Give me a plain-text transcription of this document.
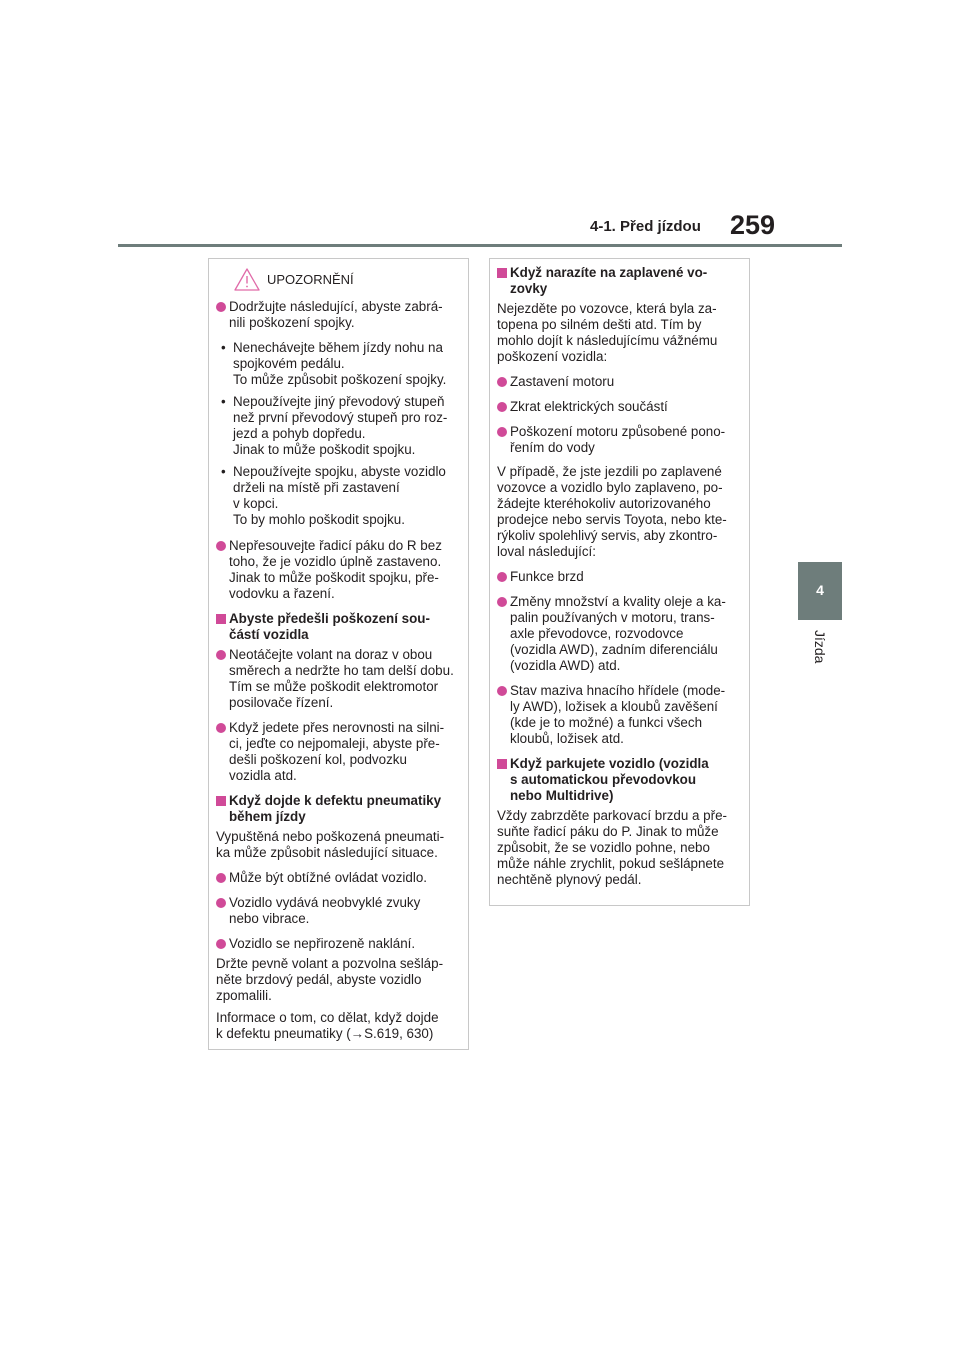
4-1. Před jízdou 259
4
Jízda
UPOZORNĚNÍ
Dodržujte následující, abyste zabrá-
nili poškození spojky.
• Nenechávejte během jízdy nohu na
spojkovém pedálu.
To může způsobit poškození spojky.
• Nepoužívejte jiný převodový stupeň
než první převodový stupeň pro roz-
jezd a pohyb dopředu.
Jinak to může poškodit spojku.
• Nepoužívejte spojku, abyste vozidlo
drželi na místě při zastavení
v kopci.
To by mohlo poškodit spojku.
Nepřesouvejte řadicí páku do R bez
toho, že je vozidlo úplně zastaveno.
Jinak to může poškodit spojku, pře-
vodovku a řazení.
Abyste předešli poškození sou-
částí vozidla
Neotáčejte volant na doraz v obou
směrech a nedržte ho tam delší dobu.
Tím se může poškodit elektromotor
posilovače řízení.
Když jedete přes nerovnosti na silni-
ci, jeďte co nejpomaleji, abyste pře-
dešli poškození kol, podvozku
vozidla atd.
Když dojde k defektu pneumatiky
během jízdy
Vypuštěná nebo poškozená pneumati-
ka může způsobit následující situace.
Může být obtížné ovládat vozidlo.
Vozidlo vydává neobvyklé zvuky
nebo vibrace.
Vozidlo se nepřirozeně naklání.
Držte pevně volant a pozvolna sešláp-
něte brzdový pedál, abyste vozidlo
zpomalili.
Informace o tom, co dělat, když dojde
k defektu pneumatiky (→S.619, 630)
Když narazíte na zaplavené vo-
zovky
Nejezděte po vozovce, která byla za-
topena po silném dešti atd. Tím by
mohlo dojít k následujícímu vážnému
poškození vozidla:
Zastavení motoru
Zkrat elektrických součástí
Poškození motoru způsobené pono-
řením do vody
V případě, že jste jezdili po zaplavené
vozovce a vozidlo bylo zaplaveno, po-
žádejte kteréhokoliv autorizovaného
prodejce nebo servis Toyota, nebo kte-
rýkoliv spolehlivý servis, aby zkontro-
loval následující:
Funkce brzd
Změny množství a kvality oleje a ka-
palin používaných v motoru, trans-
axle převodovce, rozvodovce
(vozidla AWD), zadním diferenciálu
(vozidla AWD) atd.
Stav maziva hnacího hřídele (mode-
ly AWD), ložisek a kloubů zavěšení
(kde je to možné) a funkci všech
kloubů, ložisek atd.
Když parkujete vozidlo (vozidla
s automatickou převodovkou
nebo Multidrive)
Vždy zabrzděte parkovací brzdu a pře-
suňte řadicí páku do P. Jinak to může
způsobit, že se vozidlo pohne, nebo
může náhle zrychlit, pokud sešlápnete
nechtěně plynový pedál.
